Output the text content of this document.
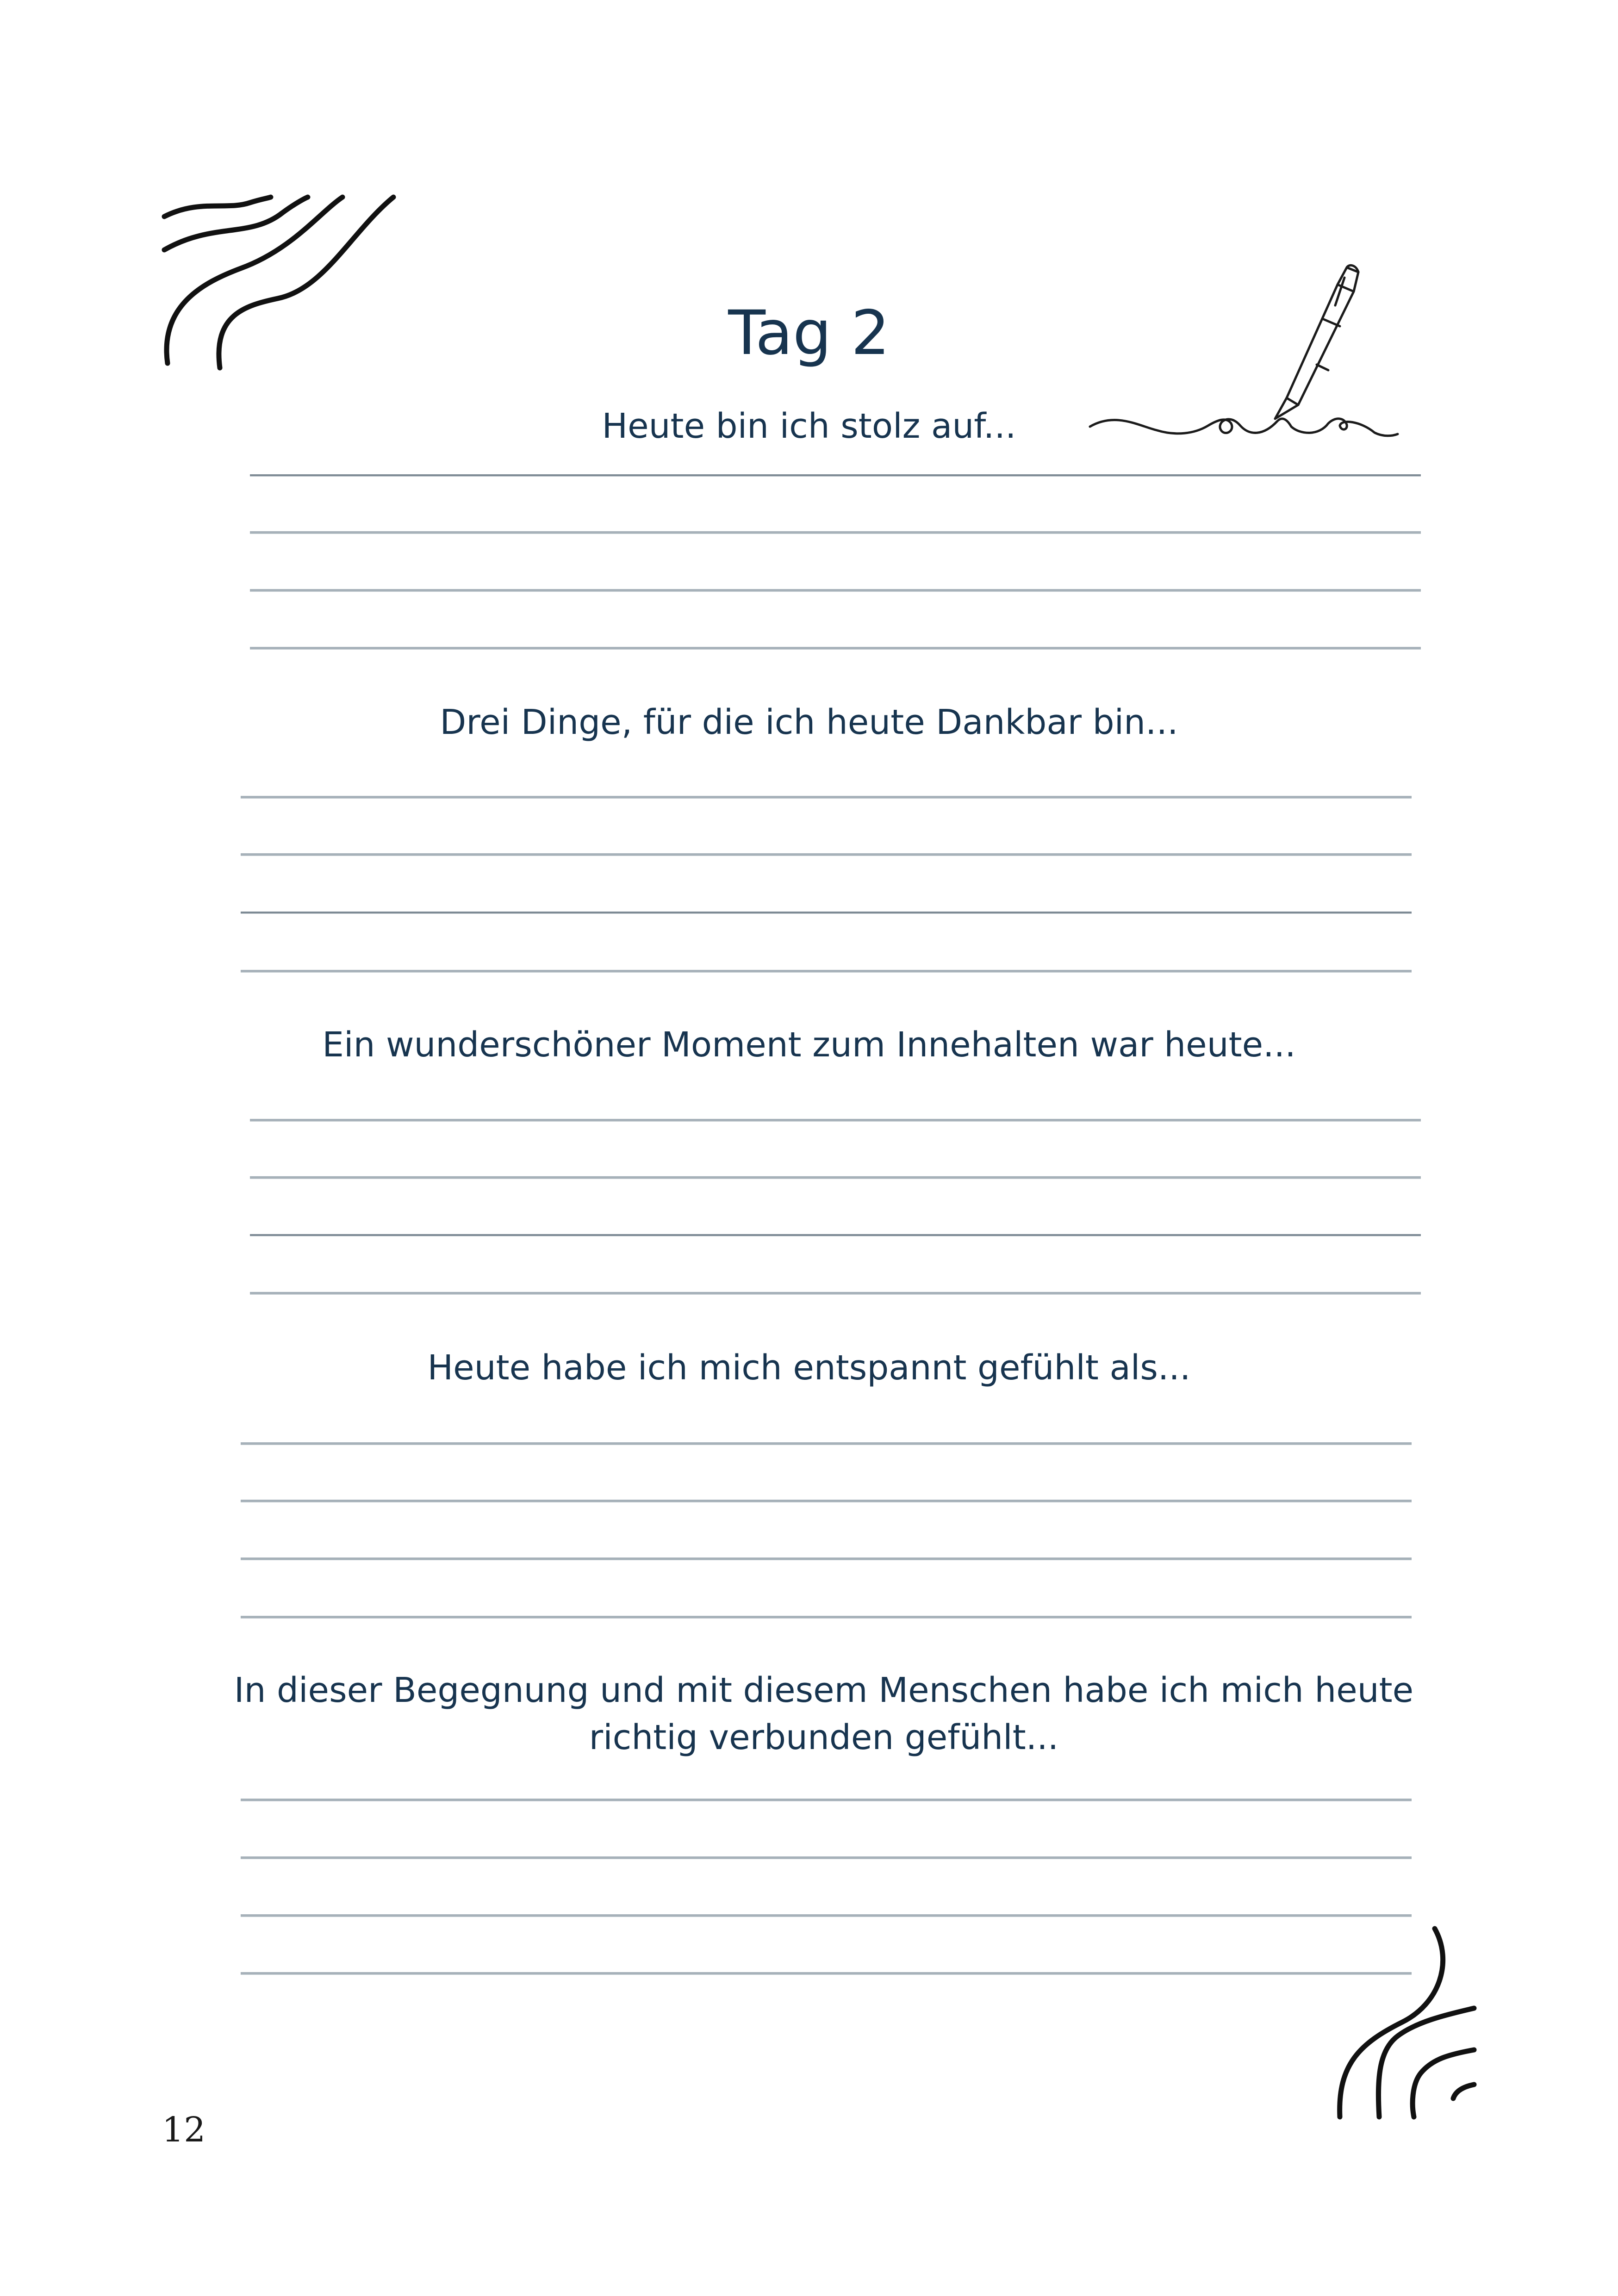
Tag 2
Heute bin ich stolz auf...
Drei Dinge, für die ich heute Dankbar bin...
Ein wunderschöner Moment zum Innehalten war heute...
Heute habe ich mich entspannt gefühlt als...
In dieser Begegnung und mit diesem Menschen habe ich mich heute richtig verbunden gefühlt...
12
